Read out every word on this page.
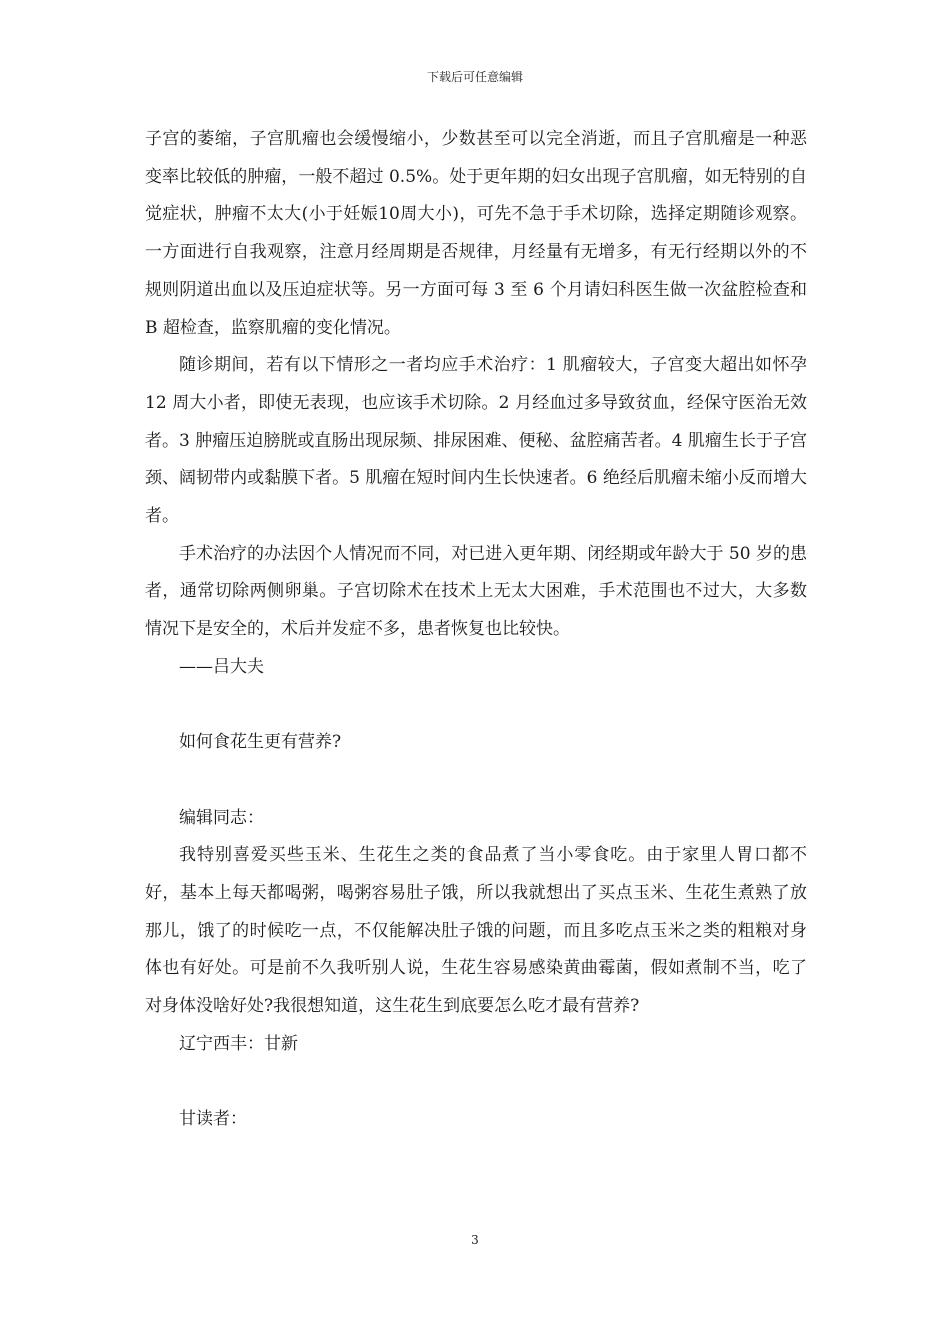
下载后可任意编辑

子宫的萎缩，子宫肌瘤也会缓慢缩小，少数甚至可以完全消逝，而且子宫肌瘤是一种恶变率比较低的肿瘤，一般不超过 0.5%。处于更年期的妇女出现子宫肌瘤，如无特别的自觉症状，肿瘤不太大(小于妊娠10周大小)，可先不急于手术切除，选择定期随诊观察。一方面进行自我观察，注意月经周期是否规律，月经量有无增多，有无行经期以外的不规则阴道出血以及压迫症状等。另一方面可每 3 至 6 个月请妇科医生做一次盆腔检查和 B 超检查，监察肌瘤的变化情况。

随诊期间，若有以下情形之一者均应手术治疗：1 肌瘤较大，子宫变大超出如怀孕 12 周大小者，即使无表现，也应该手术切除。2 月经血过多导致贫血，经保守医治无效者。3 肿瘤压迫膀胱或直肠出现尿频、排尿困难、便秘、盆腔痛苦者。4 肌瘤生长于子宫颈、阔韧带内或黏膜下者。5 肌瘤在短时间内生长快速者。6 绝经后肌瘤未缩小反而增大者。

手术治疗的办法因个人情况而不同，对已进入更年期、闭经期或年龄大于 50 岁的患者，通常切除两侧卵巢。子宫切除术在技术上无太大困难，手术范围也不过大，大多数情况下是安全的，术后并发症不多，患者恢复也比较快。

——吕大夫

如何食花生更有营养?

编辑同志：

我特别喜爱买些玉米、生花生之类的食品煮了当小零食吃。由于家里人胃口都不好，基本上每天都喝粥，喝粥容易肚子饿，所以我就想出了买点玉米、生花生煮熟了放那儿，饿了的时候吃一点，不仅能解决肚子饿的问题，而且多吃点玉米之类的粗粮对身体也有好处。可是前不久我听别人说，生花生容易感染黄曲霉菌，假如煮制不当，吃了对身体没啥好处?我很想知道，这生花生到底要怎么吃才最有营养?

辽宁西丰：甘新

甘读者：

3
